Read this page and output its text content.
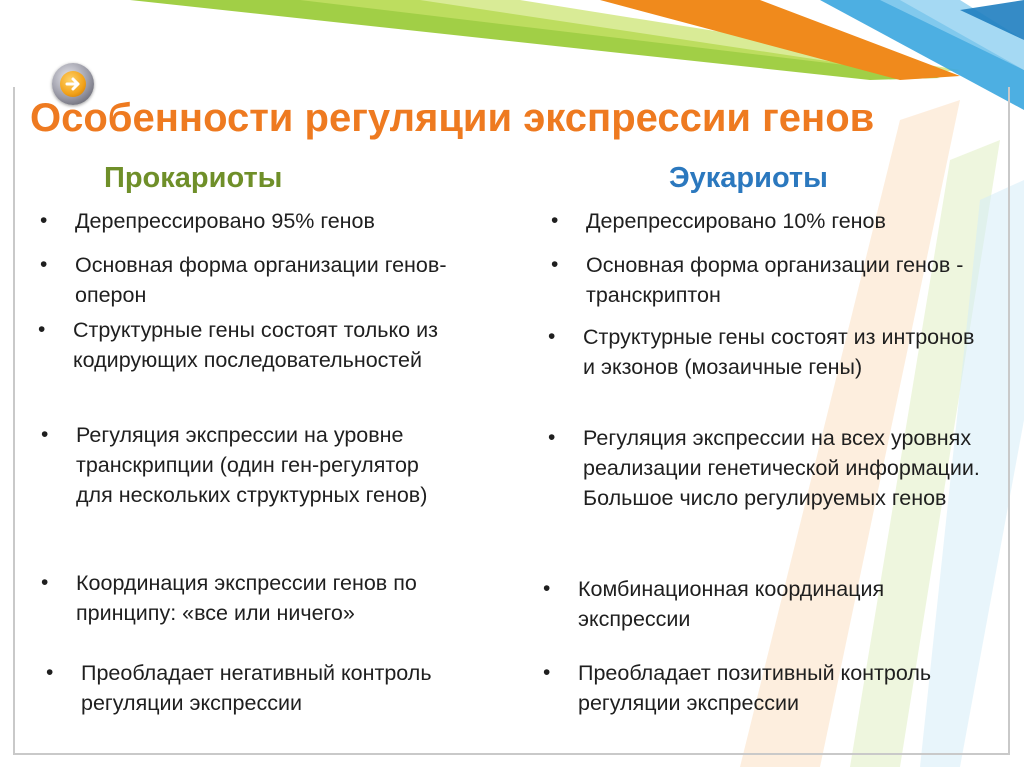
Особенности регуляции экспрессии генов
Прокариоты	Эукариоты
• Дерепрессировано 95% генов
• Основная форма организации генов- оперон
• Структурные гены состоят только из кодирующих последовательностей
• Регуляция экспрессии на уровне транскрипции (один ген-регулятор для нескольких структурных генов)
• Координация экспрессии генов по принципу: «все или ничего»
• Преобладает негативный контроль регуляции экспрессии
• Дерепрессировано 10% генов
• Основная форма организации генов - транскриптон
• Структурные гены состоят из интронов и экзонов (мозаичные гены)
• Регуляция экспрессии на всех уровнях реализации генетической информации. Большое число регулируемых генов
• Комбинационная координация экспрессии
• Преобладает позитивный контроль регуляции экспрессии
